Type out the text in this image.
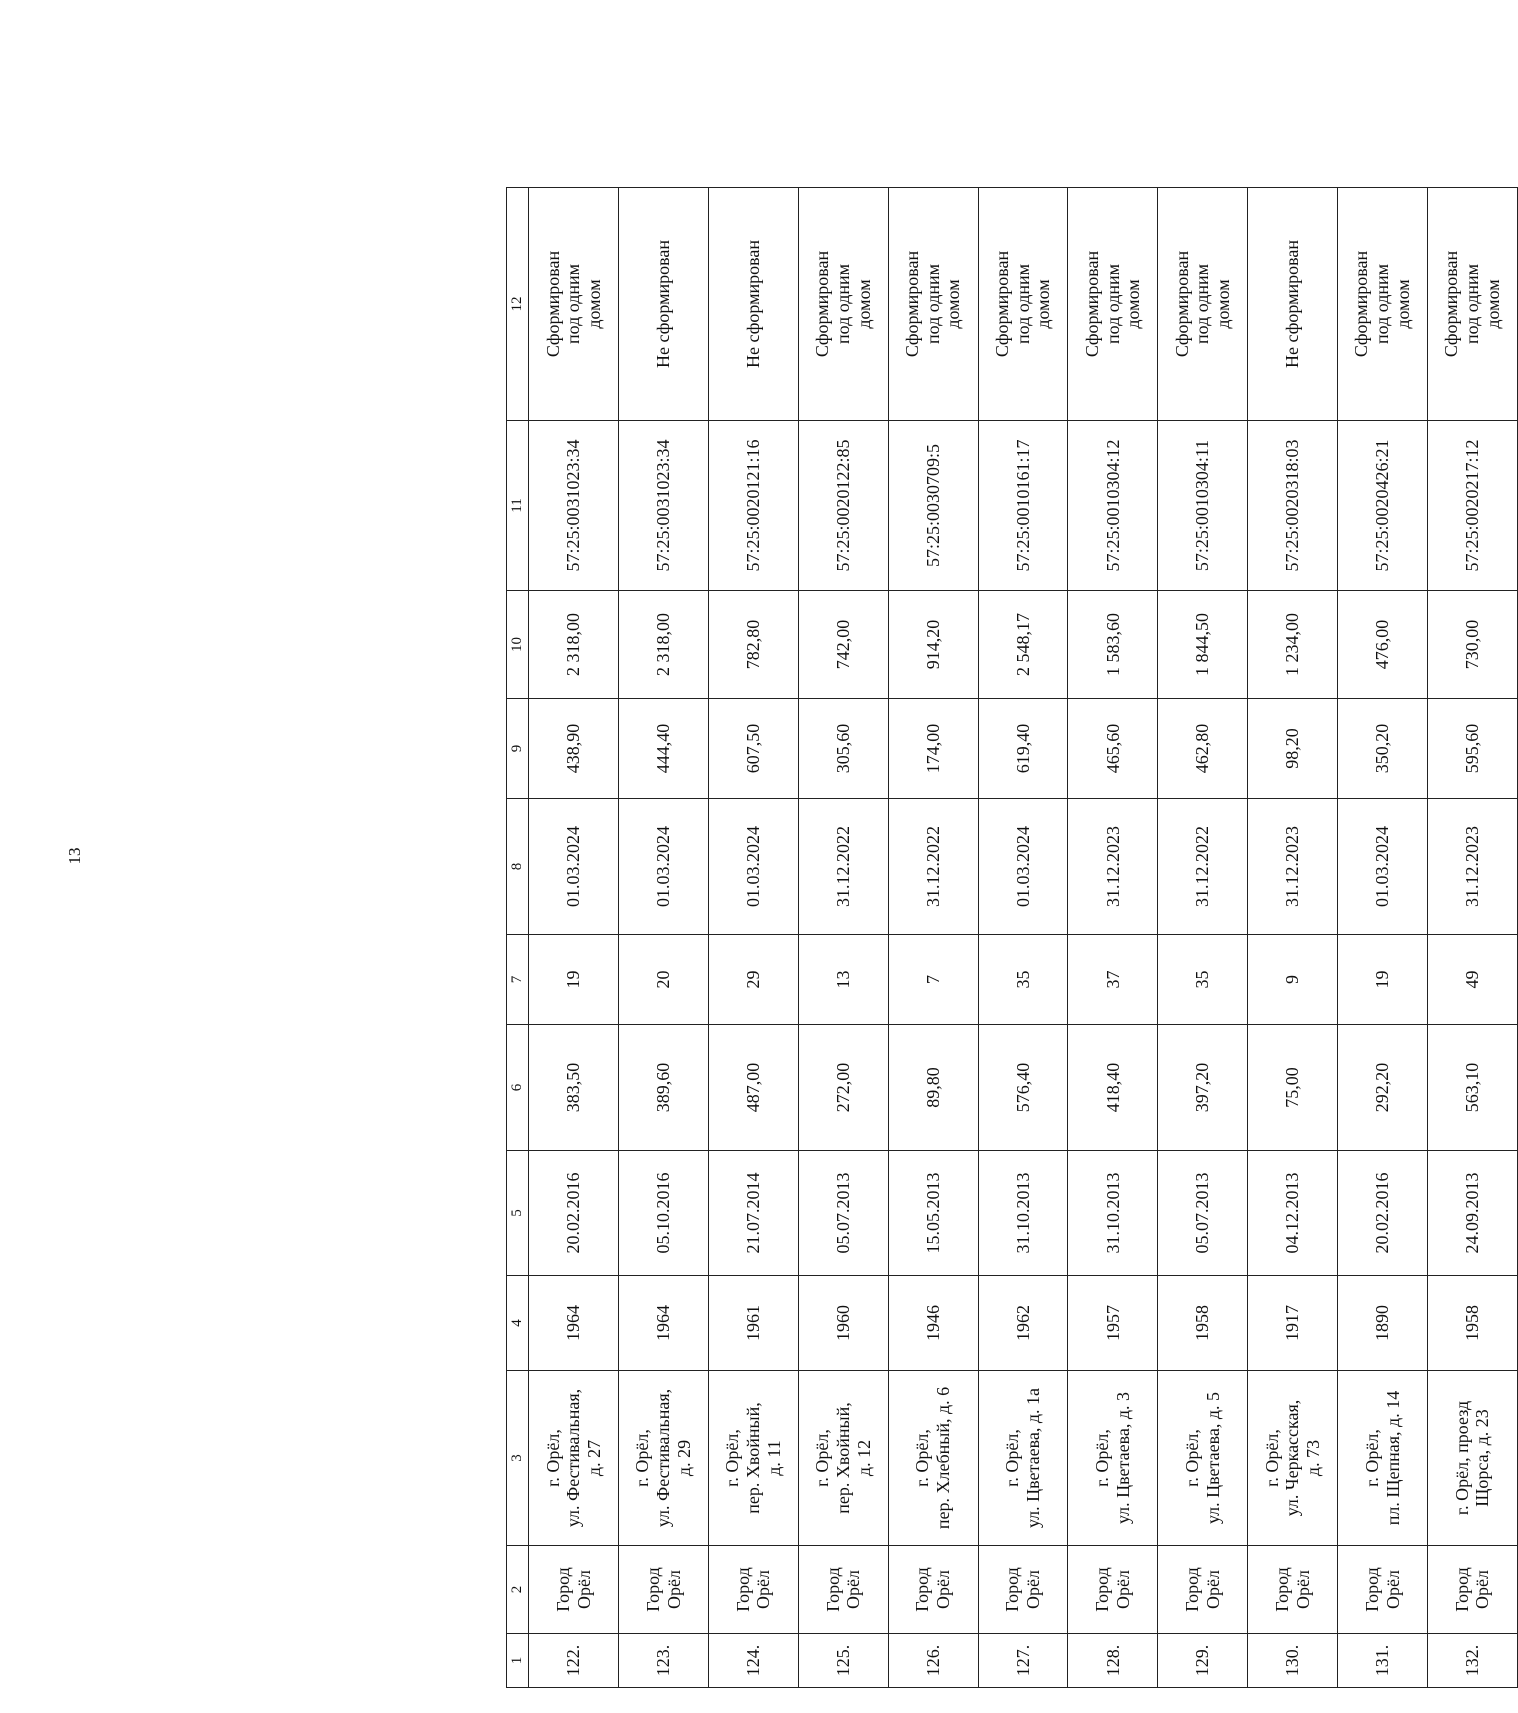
13
1	2	3	4	5	6	7	8	9	10	11	12
122.	Город
Орёл	г. Орёл,
ул. Фестивальная,
д. 27	1964	20.02.2016	383,50	19	01.03.2024	438,90	2 318,00	57:25:0031023:34	Сформирован
под одним
домом
123.	Город
Орёл	г. Орёл,
ул. Фестивальная,
д. 29	1964	05.10.2016	389,60	20	01.03.2024	444,40	2 318,00	57:25:0031023:34	Не сформирован
124.	Город
Орёл	г. Орёл,
пер. Хвойный,
д. 11	1961	21.07.2014	487,00	29	01.03.2024	607,50	782,80	57:25:0020121:16	Не сформирован
125.	Город
Орёл	г. Орёл,
пер. Хвойный,
д. 12	1960	05.07.2013	272,00	13	31.12.2022	305,60	742,00	57:25:0020122:85	Сформирован
под одним
домом
126.	Город
Орёл	г. Орёл,
пер. Хлебный, д. 6	1946	15.05.2013	89,80	7	31.12.2022	174,00	914,20	57:25:0030709:5	Сформирован
под одним
домом
127.	Город
Орёл	г. Орёл,
ул. Цветаева, д. 1а	1962	31.10.2013	576,40	35	01.03.2024	619,40	2 548,17	57:25:0010161:17	Сформирован
под одним
домом
128.	Город
Орёл	г. Орёл,
ул. Цветаева, д. 3	1957	31.10.2013	418,40	37	31.12.2023	465,60	1 583,60	57:25:0010304:12	Сформирован
под одним
домом
129.	Город
Орёл	г. Орёл,
ул. Цветаева, д. 5	1958	05.07.2013	397,20	35	31.12.2022	462,80	1 844,50	57:25:0010304:11	Сформирован
под одним
домом
130.	Город
Орёл	г. Орёл,
ул. Черкасская,
д. 73	1917	04.12.2013	75,00	9	31.12.2023	98,20	1 234,00	57:25:0020318:03	Не сформирован
131.	Город
Орёл	г. Орёл,
пл. Щепная, д. 14	1890	20.02.2016	292,20	19	01.03.2024	350,20	476,00	57:25:0020426:21	Сформирован
под одним
домом
132.	Город
Орёл	г. Орёл, проезд
Щорса, д. 23	1958	24.09.2013	563,10	49	31.12.2023	595,60	730,00	57:25:0020217:12	Сформирован
под одним
домом
